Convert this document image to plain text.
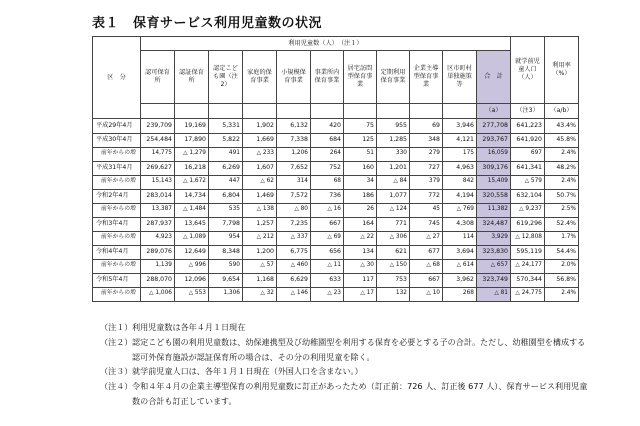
表１ 保育サービス利用児童数の状況
区　分	利用児童数（人）　（注１）											就学前児童人口（人）	利用率（%）
	認可保育所	認証保育所	認定こども園（注2）	家庭的保育事業	小規模保育事業	事業所内保育事業	居宅訪問型保育事業	定期利用保育事業	企業主導型保育事業	区市町村単独施策等	合　計		
											（a）	（注3）	（a/b）
平成29年4月	239,709	19,169	5,331	1,902	6,132	420	75	955	69	3,946	277,708	641,223	43.4%
平成30年4月	254,484	17,890	5,822	1,669	7,338	684	125	1,285	348	4,121	293,767	641,920	45.8%
前年からの増	14,775	△ 1,279	491	△ 233	1,206	264	51	330	279	175	16,059	697	2.4%
平成31年4月	269,627	16,218	6,269	1,607	7,652	752	160	1,201	727	4,963	309,176	641,341	48.2%
前年からの増	15,143	△ 1,672	447	△ 62	314	68	34	△ 84	379	842	15,409	△ 579	2.4%
令和2年4月	283,014	14,734	6,804	1,469	7,572	736	186	1,077	772	4,194	320,558	632,104	50.7%
前年からの増	13,387	△ 1,484	535	△ 138	△ 80	△ 16	26	△ 124	45	△ 769	11,382	△ 9,237	2.5%
令和3年4月	287,937	13,645	7,798	1,257	7,235	667	164	771	745	4,308	324,487	619,296	52.4%
前年からの増	4,923	△ 1,089	954	△ 212	△ 337	△ 69	△ 22	△ 306	△ 27	114	3,929	△ 12,808	1.7%
令和4年4月	289,076	12,649	8,348	1,200	6,775	656	134	621	677	3,694	323,830	595,119	54.4%
前年からの増	1,139	△ 996	590	△ 57	△ 460	△ 11	△ 30	△ 150	△ 68	△ 614	△ 657	△ 24,177	2.0%
令和5年4月	288,070	12,096	9,654	1,168	6,629	633	117	753	667	3,962	323,749	570,344	56.8%
前年からの増	△ 1,006	△ 553	1,306	△ 32	△ 146	△ 23	△ 17	132	△ 10	268	△ 81	△ 24,775	2.4%
（注１） 利用児童数は各年４月１日現在
（注２） 認定こども園の利用児童数は、幼保連携型及び幼稚園型を利用する保育を必要とする子の合計。ただし、幼稚園型を構成する認可外保育施設が認証保育所の場合は、その分の利用児童を除く。
（注３） 就学前児童人口は、各年１月１日現在（外国人口を含まない。）
（注４） 令和４年４月の企業主導型保育の利用児童数に訂正があったため（訂正前：726 人、訂正後 677 人）、保育サービス利用児童数の合計も訂正しています。
